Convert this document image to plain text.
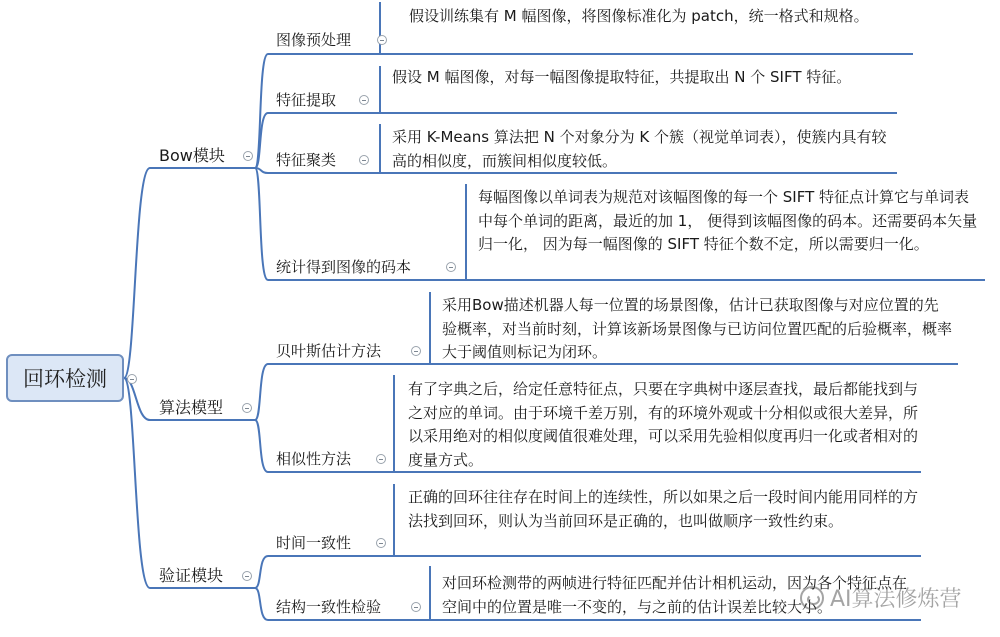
回环检测
Bow模块
算法模型
验证模块
图像预处理
假设训练集有 M 幅图像，将图像标准化为 patch，统一格式和规格。
特征提取
假设 M 幅图像，对每一幅图像提取特征，共提取出 N 个 SIFT 特征。
特征聚类
采用 K-Means 算法把 N 个对象分为 K 个簇（视觉单词表），使簇内具有较高的相似度，而簇间相似度较低。
统计得到图像的码本
每幅图像以单词表为规范对该幅图像的每一个 SIFT 特征点计算它与单词表中每个单词的距离，最近的加 1， 便得到该幅图像的码本。还需要码本矢量归一化， 因为每一幅图像的 SIFT 特征个数不定，所以需要归一化。
贝叶斯估计方法
采用Bow描述机器人每一位置的场景图像，估计已获取图像与对应位置的先验概率，对当前时刻，计算该新场景图像与已访问位置匹配的后验概率，概率大于阈值则标记为闭环。
相似性方法
有了字典之后，给定任意特征点，只要在字典树中逐层查找，最后都能找到与之对应的单词。由于环境千差万别，有的环境外观或十分相似或很大差异，所以采用绝对的相似度阈值很难处理，可以采用先验相似度再归一化或者相对的度量方式。
时间一致性
正确的回环往往存在时间上的连续性，所以如果之后一段时间内能用同样的方法找到回环，则认为当前回环是正确的，也叫做顺序一致性约束。
结构一致性检验
对回环检测带的两帧进行特征匹配并估计相机运动，因为各个特征点在空间中的位置是唯一不变的，与之前的估计误差比较大小。
AI算法修炼营
